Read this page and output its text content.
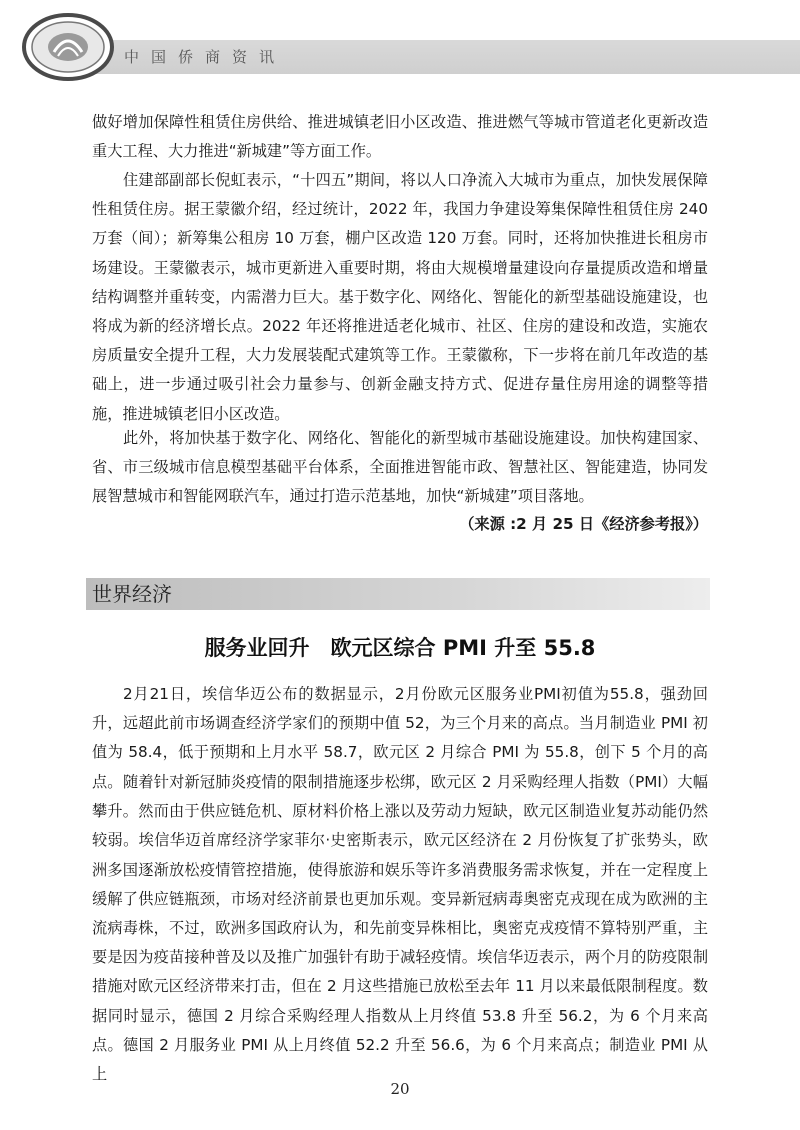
中国侨商资讯

做好增加保障性租赁住房供给、推进城镇老旧小区改造、推进燃气等城市管道老化更新改造重大工程、大力推进“新城建”等方面工作。

住建部副部长倪虹表示，“十四五”期间，将以人口净流入大城市为重点，加快发展保障性租赁住房。据王蒙徽介绍，经过统计，2022 年，我国力争建设筹集保障性租赁住房 240 万套（间）；新筹集公租房 10 万套，棚户区改造 120 万套。同时，还将加快推进长租房市场建设。王蒙徽表示，城市更新进入重要时期，将由大规模增量建设向存量提质改造和增量结构调整并重转变，内需潜力巨大。基于数字化、网络化、智能化的新型基础设施建设，也将成为新的经济增长点。2022 年还将推进适老化城市、社区、住房的建设和改造，实施农房质量安全提升工程，大力发展装配式建筑等工作。王蒙徽称，下一步将在前几年改造的基础上，进一步通过吸引社会力量参与、创新金融支持方式、促进存量住房用途的调整等措施，推进城镇老旧小区改造。

此外，将加快基于数字化、网络化、智能化的新型城市基础设施建设。加快构建国家、省、市三级城市信息模型基础平台体系，全面推进智能市政、智慧社区、智能建造，协同发展智慧城市和智能网联汽车，通过打造示范基地，加快“新城建”项目落地。

（来源 :2 月 25 日《经济参考报》）
世界经济
服务业回升　欧元区综合 PMI 升至 55.8

2月21日，埃信华迈公布的数据显示，2月份欧元区服务业PMI初值为55.8，强劲回升，远超此前市场调查经济学家们的预期中值 52，为三个月来的高点。当月制造业 PMI 初值为 58.4，低于预期和上月水平 58.7，欧元区 2 月综合 PMI 为 55.8，创下 5 个月的高点。 随着针对新冠肺炎疫情的限制措施逐步松绑，欧元区 2 月采购经理人指数（PMI）大幅攀升。然而由于供应链危机、原材料价格上涨以及劳动力短缺，欧元区制造业复苏动能仍然较弱。埃信华迈首席经济学家菲尔·史密斯表示，欧元区经济在 2 月份恢复了扩张势头，欧洲多国逐渐放松疫情管控措施，使得旅游和娱乐等许多消费服务需求恢复，并在一定程度上缓解了供应链瓶颈，市场对经济前景也更加乐观。变异新冠病毒奥密克戎现在成为欧洲的主流病毒株，不过，欧洲多国政府认为，和先前变异株相比，奥密克戎疫情不算特别严重，主要是因为疫苗接种普及以及推广加强针有助于减轻疫情。埃信华迈表示，两个月的防疫限制措施对欧元区经济带来打击，但在 2 月这些措施已放松至去年 11 月以来最低限制程度。数据同时显示，德国 2 月综合采购经理人指数从上月终值 53.8 升至 56.2，为 6 个月来高点。德国 2 月服务业 PMI 从上月终值 52.2 升至 56.6，为 6 个月来高点；制造业 PMI 从上

20
